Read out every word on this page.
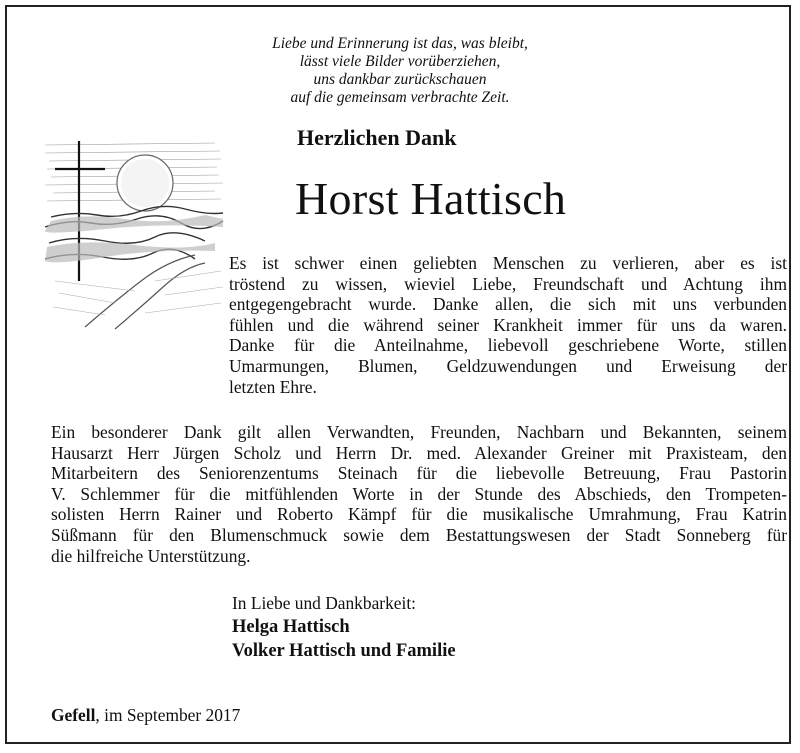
Liebe und Erinnerung ist das, was bleibt,
lässt viele Bilder vorüberziehen,
uns dankbar zurückschauen
auf die gemeinsam verbrachte Zeit.
Herzlichen Dank
Horst Hattisch
Es ist schwer einen geliebten Menschen zu verlieren, aber es ist
tröstend zu wissen, wieviel Liebe, Freundschaft und Achtung ihm
entgegengebracht wurde. Danke allen, die sich mit uns verbunden
fühlen und die während seiner Krankheit immer für uns da waren.
Danke für die Anteilnahme, liebevoll geschriebene Worte, stillen
Umarmungen, Blumen, Geldzuwendungen und Erweisung der
letzten Ehre.
Ein besonderer Dank gilt allen Verwandten, Freunden, Nachbarn und Bekannten, seinem
Hausarzt Herr Jürgen Scholz und Herrn Dr. med. Alexander Greiner mit Praxisteam, den
Mitarbeitern des Seniorenzentums Steinach für die liebevolle Betreuung, Frau Pastorin
V. Schlemmer für die mitfühlenden Worte in der Stunde des Abschieds, den Trompeten-
solisten Herrn Rainer und Roberto Kämpf für die musikalische Umrahmung, Frau Katrin
Süßmann für den Blumenschmuck sowie dem Bestattungswesen der Stadt Sonneberg für
die hilfreiche Unterstützung.
In Liebe und Dankbarkeit:
Helga Hattisch
Volker Hattisch und Familie
Gefell, im September 2017
